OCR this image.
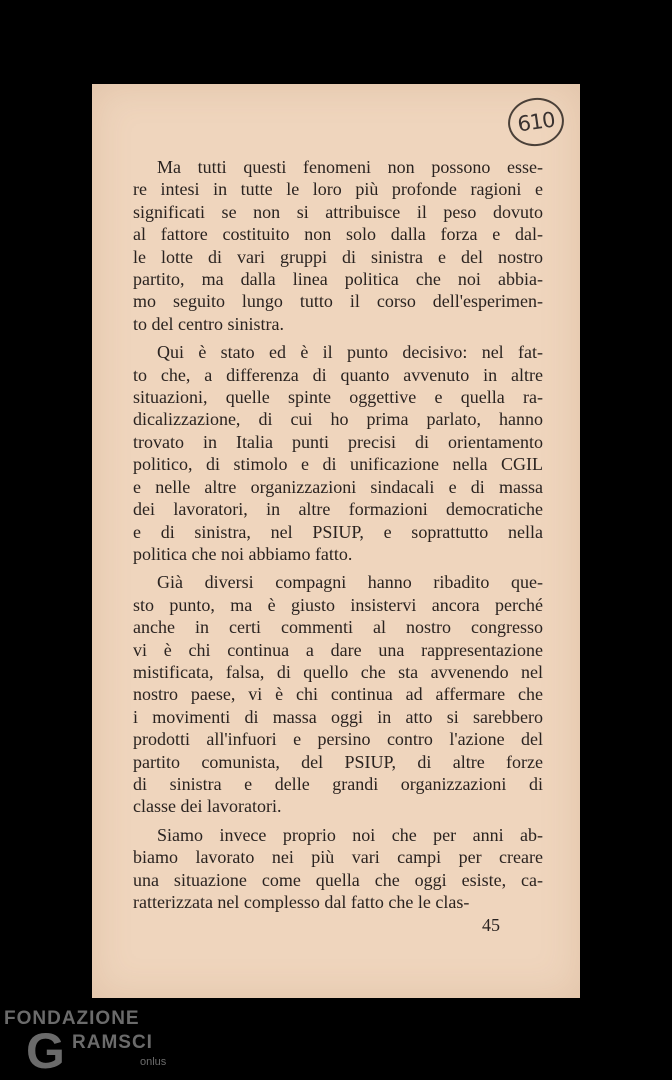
610
Ma tutti questi fenomeni non possono esse-
re intesi in tutte le loro più profonde ragioni e
significati se non si attribuisce il peso dovuto
al fattore costituito non solo dalla forza e dal-
le lotte di vari gruppi di sinistra e del nostro
partito, ma dalla linea politica che noi abbia-
mo seguito lungo tutto il corso dell'esperimen-
to del centro sinistra.
Qui è stato ed è il punto decisivo: nel fat-
to che, a differenza di quanto avvenuto in altre
situazioni, quelle spinte oggettive e quella ra-
dicalizzazione, di cui ho prima parlato, hanno
trovato in Italia punti precisi di orientamento
politico, di stimolo e di unificazione nella CGIL
e nelle altre organizzazioni sindacali e di massa
dei lavoratori, in altre formazioni democratiche
e di sinistra, nel PSIUP, e soprattutto nella
politica che noi abbiamo fatto.
Già diversi compagni hanno ribadito que-
sto punto, ma è giusto insistervi ancora perché
anche in certi commenti al nostro congresso
vi è chi continua a dare una rappresentazione
mistificata, falsa, di quello che sta avvenendo nel
nostro paese, vi è chi continua ad affermare che
i movimenti di massa oggi in atto si sarebbero
prodotti all'infuori e persino contro l'azione del
partito comunista, del PSIUP, di altre forze
di sinistra e delle grandi organizzazioni di
classe dei lavoratori.
Siamo invece proprio noi che per anni ab-
biamo lavorato nei più vari campi per creare
una situazione come quella che oggi esiste, ca-
ratterizzata nel complesso dal fatto che le clas-
45
FONDAZIONE
G RAMSCI
onlus
